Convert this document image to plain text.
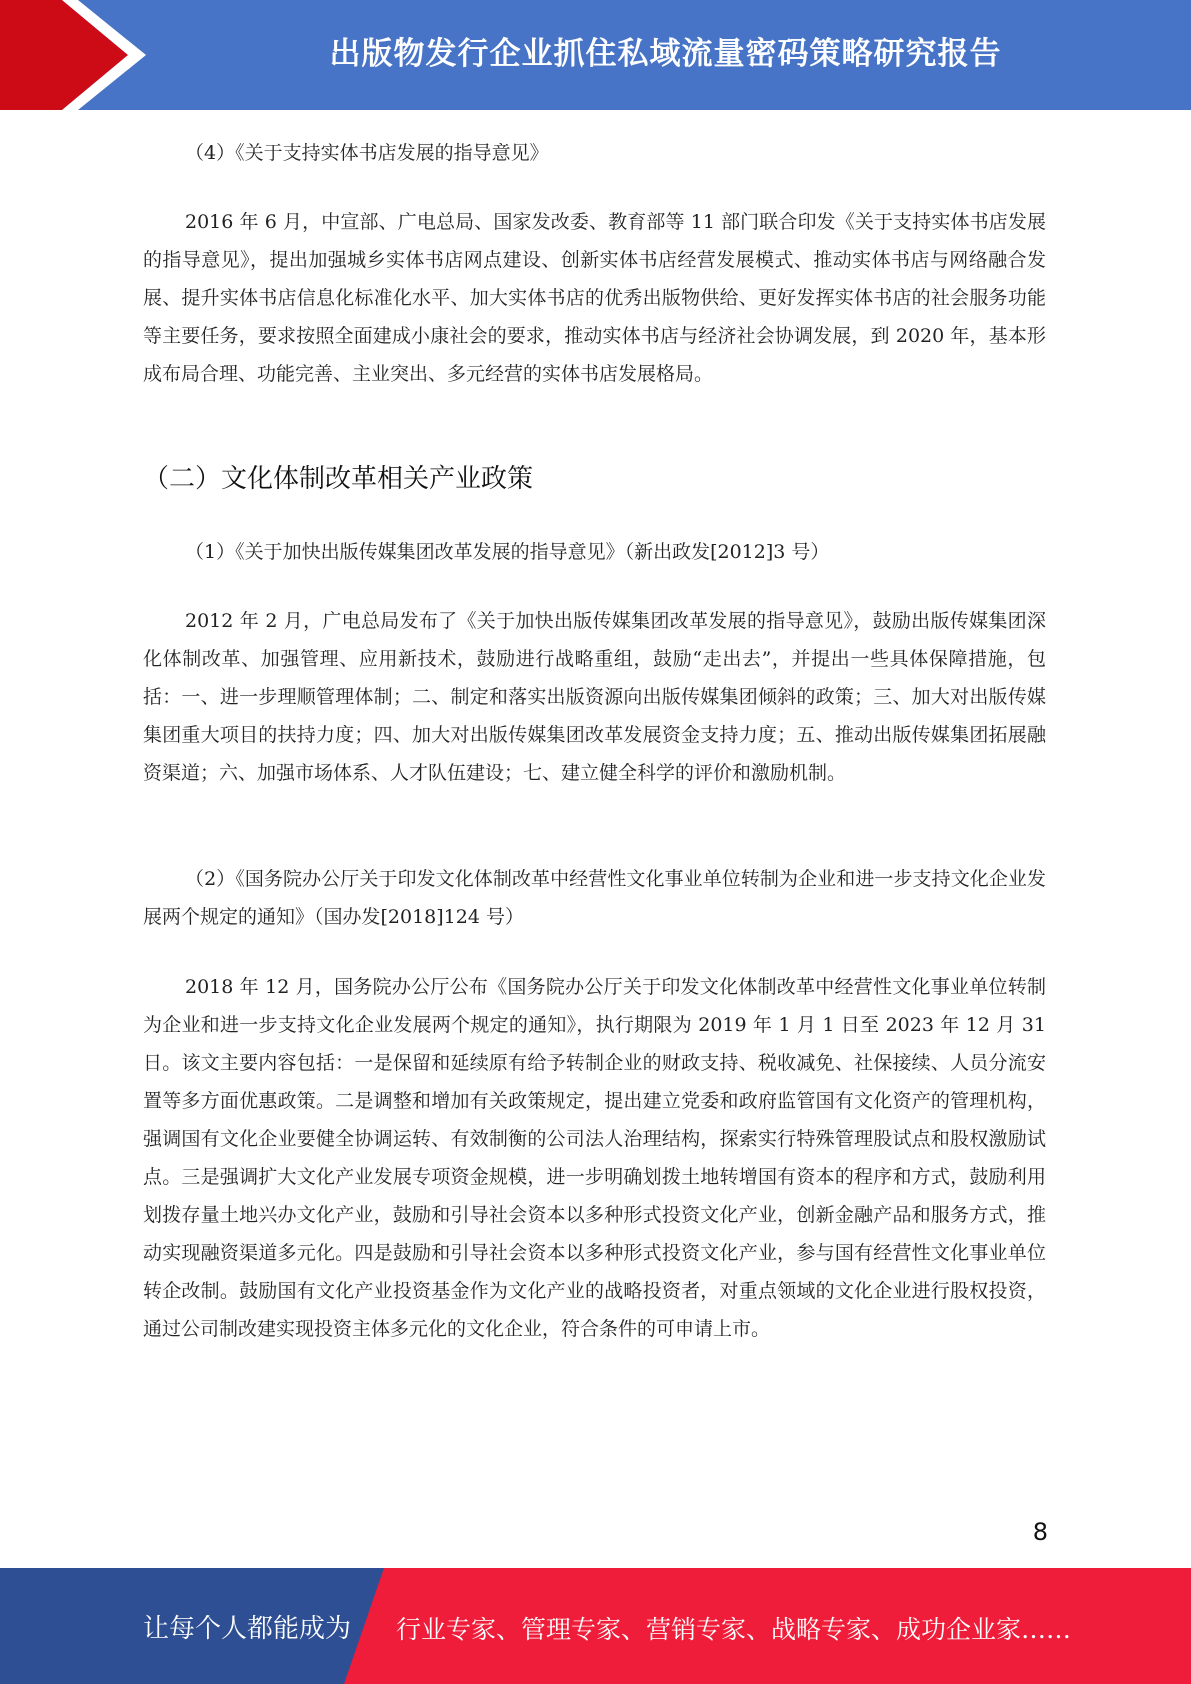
出版物发行企业抓住私域流量密码策略研究报告
（4）《关于支持实体书店发展的指导意见》
2016 年 6 月，中宣部、广电总局、国家发改委、教育部等 11 部门联合印发《关于支持实体书店发展的指导意见》，提出加强城乡实体书店网点建设、创新实体书店经营发展模式、推动实体书店与网络融合发展、提升实体书店信息化标准化水平、加大实体书店的优秀出版物供给、更好发挥实体书店的社会服务功能等主要任务，要求按照全面建成小康社会的要求，推动实体书店与经济社会协调发展，到 2020 年，基本形成布局合理、功能完善、主业突出、多元经营的实体书店发展格局。
（二）文化体制改革相关产业政策
（1）《关于加快出版传媒集团改革发展的指导意见》（新出政发[2012]3 号）
2012 年 2 月，广电总局发布了《关于加快出版传媒集团改革发展的指导意见》，鼓励出版传媒集团深化体制改革、加强管理、应用新技术，鼓励进行战略重组，鼓励“走出去”，并提出一些具体保障措施，包括：一、进一步理顺管理体制；二、制定和落实出版资源向出版传媒集团倾斜的政策；三、加大对出版传媒集团重大项目的扶持力度；四、加大对出版传媒集团改革发展资金支持力度；五、推动出版传媒集团拓展融资渠道；六、加强市场体系、人才队伍建设；七、建立健全科学的评价和激励机制。
（2）《国务院办公厅关于印发文化体制改革中经营性文化事业单位转制为企业和进一步支持文化企业发展两个规定的通知》（国办发[2018]124 号）
2018 年 12 月，国务院办公厅公布《国务院办公厅关于印发文化体制改革中经营性文化事业单位转制为企业和进一步支持文化企业发展两个规定的通知》，执行期限为 2019 年 1 月 1 日至 2023 年 12 月 31 日。该文主要内容包括：一是保留和延续原有给予转制企业的财政支持、税收减免、社保接续、人员分流安置等多方面优惠政策。二是调整和增加有关政策规定，提出建立党委和政府监管国有文化资产的管理机构，强调国有文化企业要健全协调运转、有效制衡的公司法人治理结构，探索实行特殊管理股试点和股权激励试点。三是强调扩大文化产业发展专项资金规模，进一步明确划拨土地转增国有资本的程序和方式，鼓励利用划拨存量土地兴办文化产业，鼓励和引导社会资本以多种形式投资文化产业，创新金融产品和服务方式，推动实现融资渠道多元化。四是鼓励和引导社会资本以多种形式投资文化产业，参与国有经营性文化事业单位转企改制。鼓励国有文化产业投资基金作为文化产业的战略投资者，对重点领域的文化企业进行股权投资，通过公司制改建实现投资主体多元化的文化企业，符合条件的可申请上市。
8
让每个人都能成为 行业专家、管理专家、营销专家、战略专家、成功企业家……
